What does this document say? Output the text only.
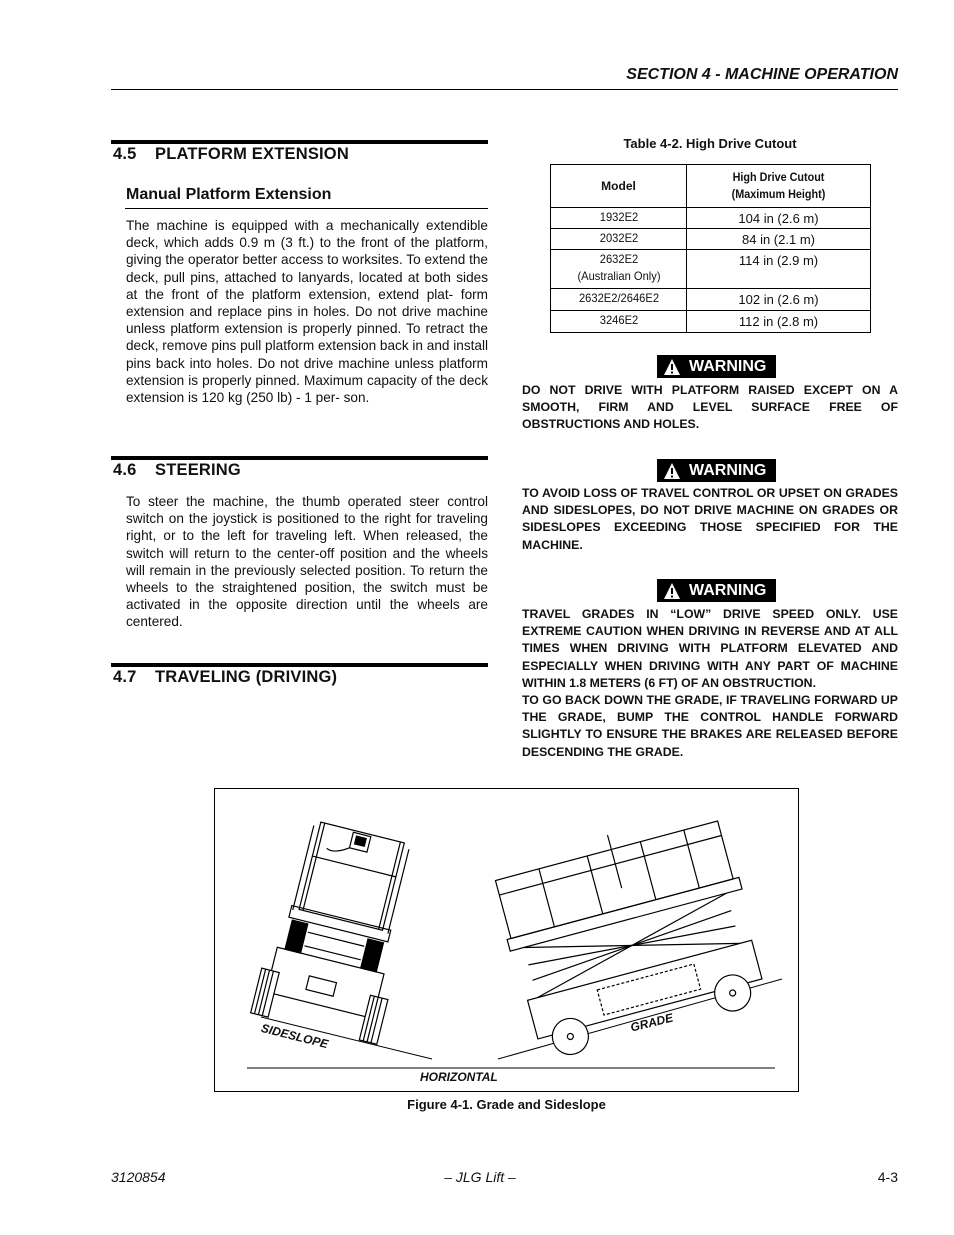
SECTION 4 - MACHINE OPERATION
4.5 PLATFORM EXTENSION
Manual Platform Extension
The machine is equipped with a mechanically extendible deck, which adds 0.9 m (3 ft.) to the front of the platform, giving the operator better access to worksites. To extend the deck, pull pins, attached to lanyards, located at both sides at the front of the platform extension, extend plat- form extension and replace pins in holes. Do not drive machine unless platform extension is properly pinned. To retract the deck, remove pins pull platform extension back in and install pins back into holes. Do not drive machine unless platform extension is properly pinned. Maximum capacity of the deck extension is 120 kg (250 lb) - 1 per- son.
4.6 STEERING
To steer the machine, the thumb operated steer control switch on the joystick is positioned to the right for traveling right, or to the left for traveling left. When released, the switch will return to the center-off position and the wheels will remain in the previously selected position. To return the wheels to the straightened position, the switch must be activated in the opposite direction until the wheels are centered.
4.7 TRAVELING (DRIVING)
Table 4-2. High Drive Cutout
Model	High Drive Cutout
(Maximum Height)

1932E2	104 in (2.6 m)
2032E2	84 in (2.1 m)

2632E2
(Australian Only)	114 in (2.9 m)
2632E2/2646E2	102 in (2.6 m)
3246E2	112 in (2.8 m)
WARNING
DO NOT DRIVE WITH PLATFORM RAISED EXCEPT ON A SMOOTH, FIRM AND LEVEL SURFACE FREE OF OBSTRUCTIONS AND HOLES.
WARNING
TO AVOID LOSS OF TRAVEL CONTROL OR UPSET ON GRADES AND SIDESLOPES, DO NOT DRIVE MACHINE ON GRADES OR SIDESLOPES EXCEEDING THOSE SPECIFIED FOR THE MACHINE.
WARNING
TRAVEL GRADES IN “LOW” DRIVE SPEED ONLY. USE EXTREME CAUTION WHEN DRIVING IN REVERSE AND AT ALL TIMES WHEN DRIVING WITH PLATFORM ELEVATED AND ESPECIALLY WHEN DRIVING WITH ANY PART OF MACHINE WITHIN 1.8 METERS (6 FT) OF AN OBSTRUCTION.
TO GO BACK DOWN THE GRADE, IF TRAVELING FORWARD UP THE GRADE, BUMP THE CONTROL HANDLE FORWARD SLIGHTLY TO ENSURE THE BRAKES ARE RELEASED BEFORE DESCENDING THE GRADE.
SIDESLOPE	GRADE
HORIZONTAL
Figure 4-1. Grade and Sideslope
3120854	– JLG Lift –	4-3
